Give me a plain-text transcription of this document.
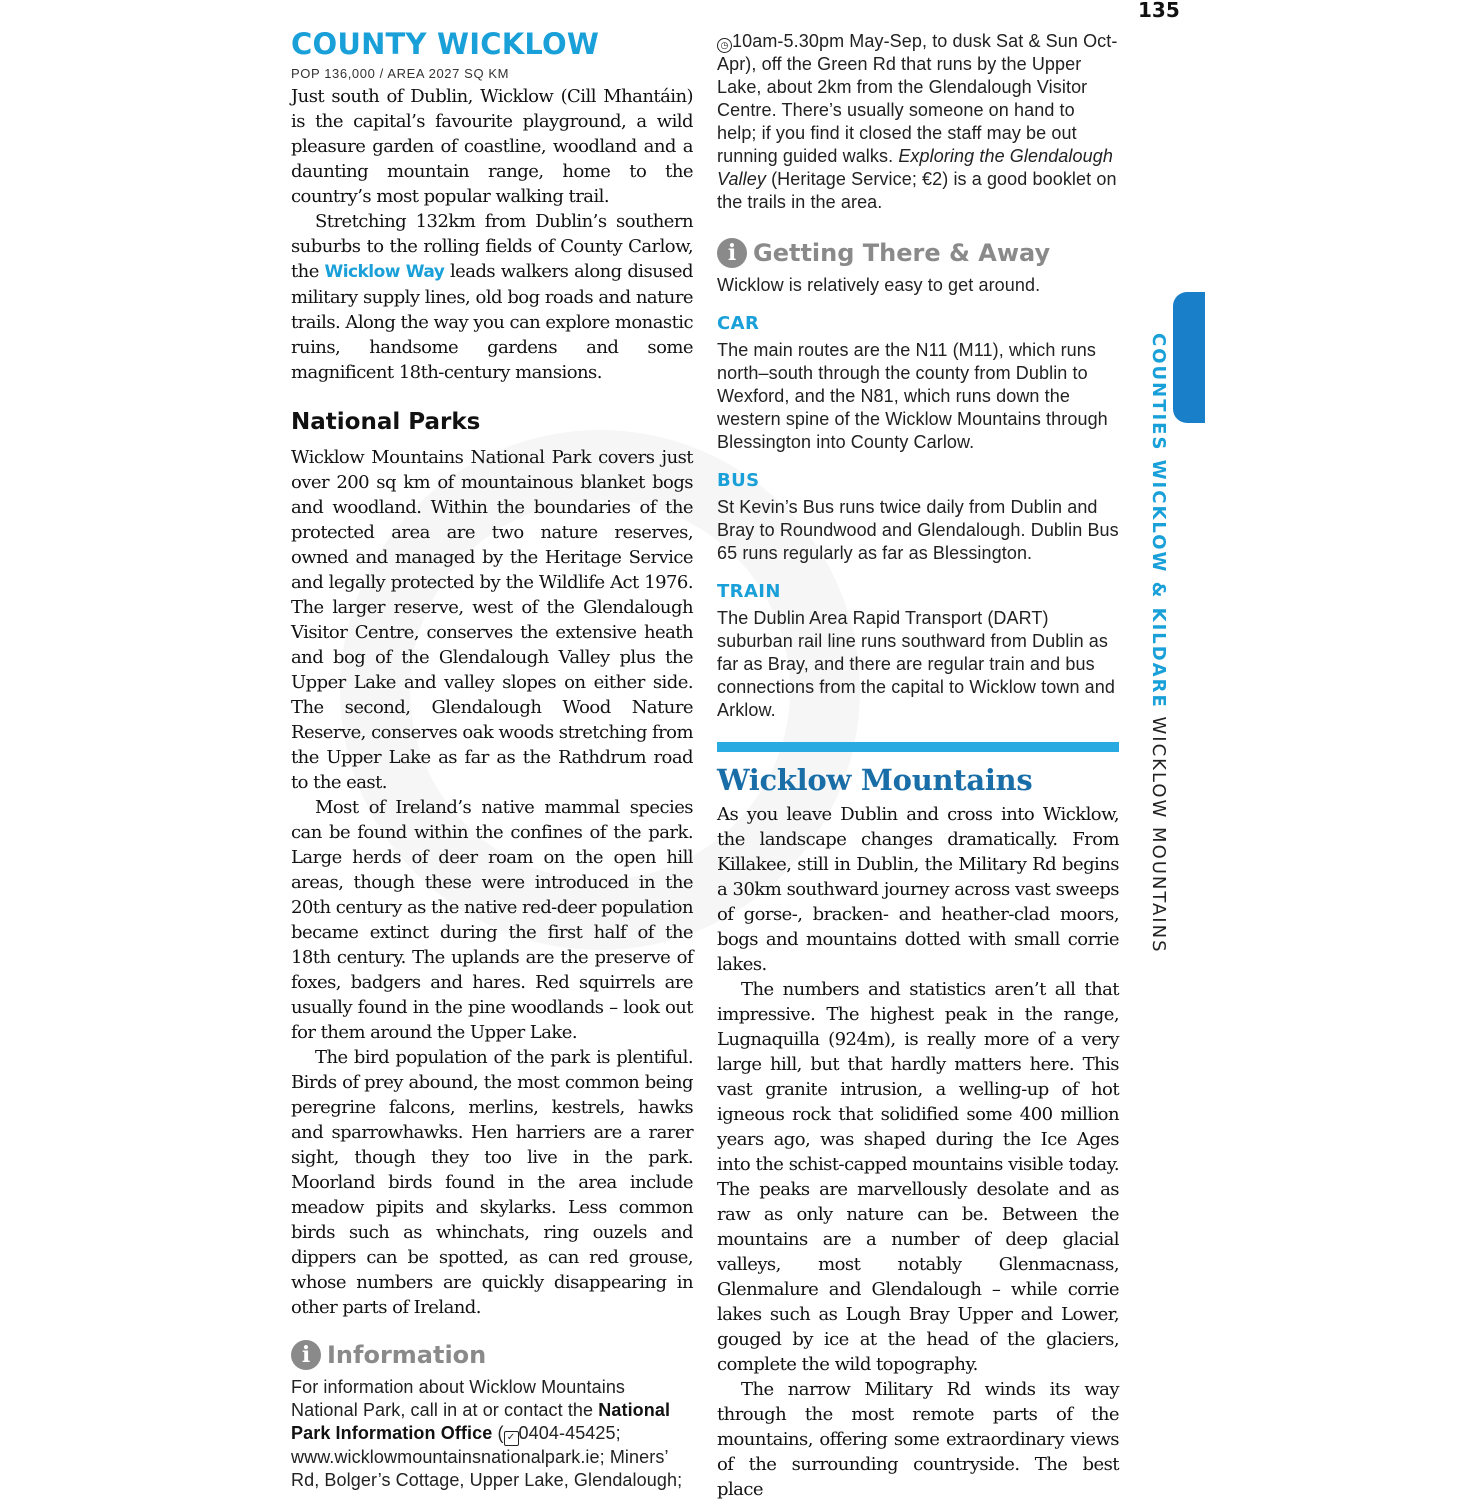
135
COUNTIES WICKLOW & KILDARE WICKLOW MOUNTAINS
COUNTY WICKLOW
POP 136,000 / AREA 2027 SQ KM

Just south of Dublin, Wicklow (Cill Mhantáin) is the capital’s favourite playground, a wild pleasure garden of coastline, woodland and a daunting mountain range, home to the country’s most popular walking trail.

Stretching 132km from Dublin’s southern suburbs to the rolling fields of County Carlow, the Wicklow Way leads walkers along disused military supply lines, old bog roads and nature trails. Along the way you can explore monastic ruins, handsome gardens and some magnificent 18th-century mansions.

National Parks

Wicklow Mountains National Park covers just over 200 sq km of mountainous blanket bogs and woodland. Within the boundaries of the protected area are two nature reserves, owned and managed by the Heritage Service and legally protected by the Wildlife Act 1976. The larger reserve, west of the Glendalough Visitor Centre, conserves the extensive heath and bog of the Glendalough Valley plus the Upper Lake and valley slopes on either side. The second, Glendalough Wood Nature Reserve, conserves oak woods stretching from the Upper Lake as far as the Rathdrum road to the east.

Most of Ireland’s native mammal species can be found within the confines of the park. Large herds of deer roam on the open hill areas, though these were introduced in the 20th century as the native red-deer population became extinct during the first half of the 18th century. The uplands are the preserve of foxes, badgers and hares. Red squirrels are usually found in the pine woodlands – look out for them around the Upper Lake.

The bird population of the park is plentiful. Birds of prey abound, the most common being peregrine falcons, merlins, kestrels, hawks and sparrowhawks. Hen harriers are a rarer sight, though they too live in the park. Moorland birds found in the area include meadow pipits and skylarks. Less common birds such as whinchats, ring ouzels and dippers can be spotted, as can red grouse, whose numbers are quickly disappearing in other parts of Ireland.

i Information

For information about Wicklow Mountains National Park, call in at or contact the National Park Information Office ( ✓ 0404-45425; www.wicklowmountainsnationalpark.ie; Miners’ Rd, Bolger’s Cottage, Upper Lake, Glendalough;

◷ 10am-5.30pm May-Sep, to dusk Sat & Sun Oct-Apr), off the Green Rd that runs by the Upper Lake, about 2km from the Glendalough Visitor Centre. There’s usually someone on hand to help; if you find it closed the staff may be out running guided walks. Exploring the Glendalough Valley (Heritage Service; €2) is a good booklet on the trails in the area.

i Getting There & Away

Wicklow is relatively easy to get around.

CAR

The main routes are the N11 (M11), which runs north–south through the county from Dublin to Wexford, and the N81, which runs down the western spine of the Wicklow Mountains through Blessington into County Carlow.

BUS

St Kevin’s Bus runs twice daily from Dublin and Bray to Roundwood and Glendalough. Dublin Bus 65 runs regularly as far as Blessington.

TRAIN

The Dublin Area Rapid Transport (DART) suburban rail line runs southward from Dublin as far as Bray, and there are regular train and bus connections from the capital to Wicklow town and Arklow.

Wicklow Mountains

As you leave Dublin and cross into Wicklow, the landscape changes dramatically. From Killakee, still in Dublin, the Military Rd begins a 30km southward journey across vast sweeps of gorse-, bracken- and heather-clad moors, bogs and mountains dotted with small corrie lakes.

The numbers and statistics aren’t all that impressive. The highest peak in the range, Lugnaquilla (924m), is really more of a very large hill, but that hardly matters here. This vast granite intrusion, a welling-up of hot igneous rock that solidified some 400 million years ago, was shaped during the Ice Ages into the schist-capped mountains visible today. The peaks are marvellously desolate and as raw as only nature can be. Between the mountains are a number of deep glacial valleys, most notably Glenmacnass, Glenmalure and Glendalough – while corrie lakes such as Lough Bray Upper and Lower, gouged by ice at the head of the glaciers, complete the wild topography.

The narrow Military Rd winds its way through the most remote parts of the mountains, offering some extraordinary views of the surrounding countryside. The best place
